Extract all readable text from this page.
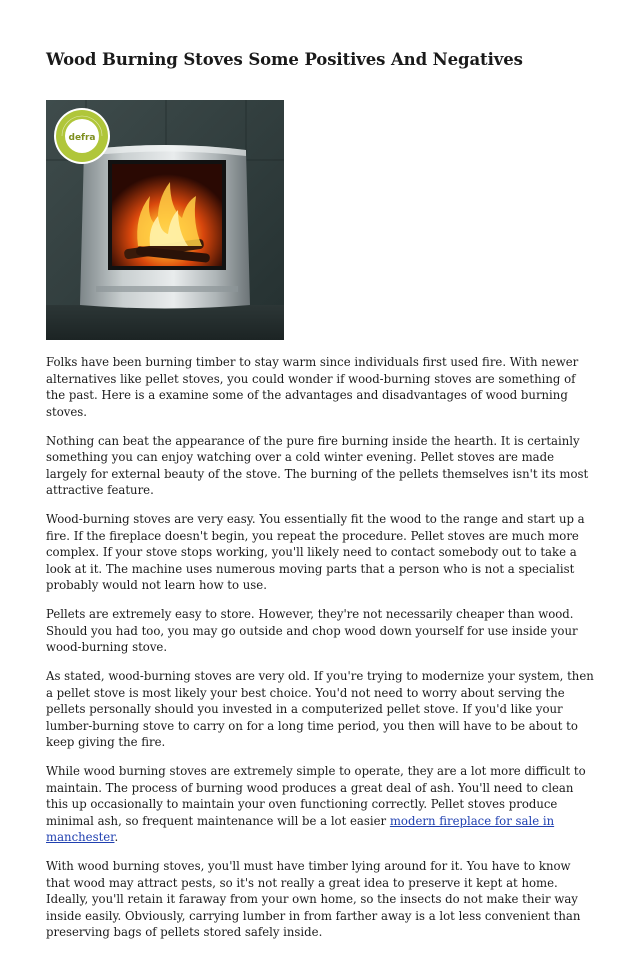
Wood Burning Stoves Some Positives And Negatives
defra

Folks have been burning timber to stay warm since individuals first used fire. With newer alternatives like pellet stoves, you could wonder if wood-burning stoves are something of the past. Here is a examine some of the advantages and disadvantages of wood burning stoves.

Nothing can beat the appearance of the pure fire burning inside the hearth. It is certainly something you can enjoy watching over a cold winter evening. Pellet stoves are made largely for external beauty of the stove. The burning of the pellets themselves isn't its most attractive feature.

Wood-burning stoves are very easy. You essentially fit the wood to the range and start up a fire. If the fireplace doesn't begin, you repeat the procedure. Pellet stoves are much more complex. If your stove stops working, you'll likely need to contact somebody out to take a look at it. The machine uses numerous moving parts that a person who is not a specialist probably would not learn how to use.

Pellets are extremely easy to store. However, they're not necessarily cheaper than wood. Should you had too, you may go outside and chop wood down yourself for use inside your wood-burning stove.

As stated, wood-burning stoves are very old. If you're trying to modernize your system, then a pellet stove is most likely your best choice. You'd not need to worry about serving the pellets personally should you invested in a computerized pellet stove. If you'd like your lumber-burning stove to carry on for a long time period, you then will have to be about to keep giving the fire.

While wood burning stoves are extremely simple to operate, they are a lot more difficult to maintain. The process of burning wood produces a great deal of ash. You'll need to clean this up occasionally to maintain your oven functioning correctly. Pellet stoves produce minimal ash, so frequent maintenance will be a lot easier modern fireplace for sale in manchester.

With wood burning stoves, you'll must have timber lying around for it. You have to know that wood may attract pests, so it's not really a great idea to preserve it kept at home. Ideally, you'll retain it faraway from your own home, so the insects do not make their way inside easily. Obviously, carrying lumber in from farther away is a lot less convenient than preserving bags of pellets stored safely inside.
